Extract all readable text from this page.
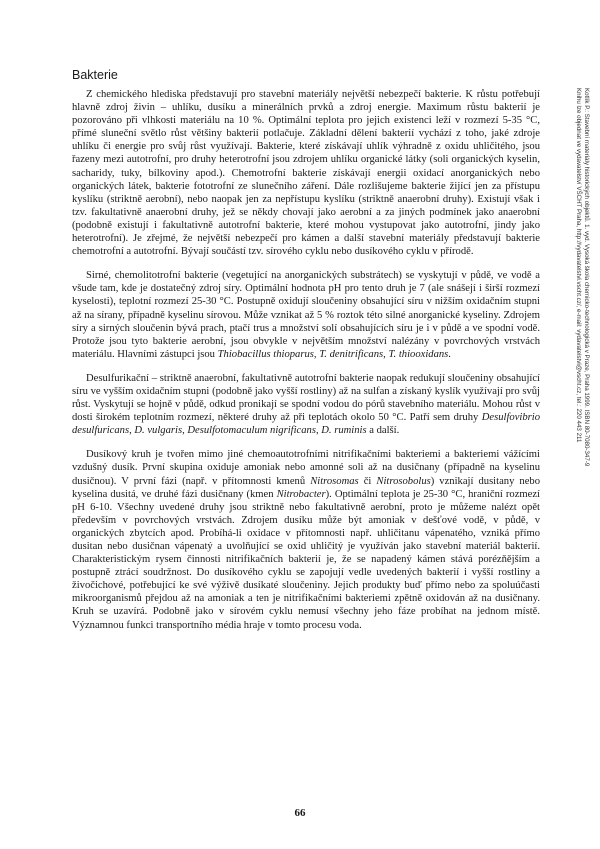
Bakterie

Z chemického hlediska představují pro stavební materiály největší nebezpečí bakterie. K růstu potřebují hlavně zdroj živin – uhlíku, dusíku a minerálních prvků a zdroj energie. Maximum růstu bakterií je pozorováno při vlhkosti materiálu na 10 %. Optimální teplota pro jejich existenci leží v rozmezí 5-35 °C, přímé sluneční světlo růst většiny bakterií potlačuje. Základní dělení bakterií vychází z toho, jaké zdroje uhlíku či energie pro svůj růst využívají. Bakterie, které získávají uhlík výhradně z oxidu uhličitého, jsou řazeny mezi autotrofní, pro druhy heterotrofní jsou zdrojem uhlíku organické látky (soli organických kyselin, sacharidy, tuky, bílkoviny apod.). Chemotrofní bakterie získávají energii oxidací anorganických nebo organických látek, bakterie fototrofní ze slunečního záření. Dále rozlišujeme bakterie žijící jen za přístupu kyslíku (striktně aerobní), nebo naopak jen za nepřístupu kyslíku (striktně anaerobní druhy). Existují však i tzv. fakultativně anaerobní druhy, jež se někdy chovají jako aerobní a za jiných podmínek jako anaerobní (podobně existují i fakultativně autotrofní bakterie, které mohou vystupovat jako autotrofní, jindy jako heterotrofní). Je zřejmé, že největší nebezpečí pro kámen a další stavební materiály představují bakterie chemotrofní a autotrofní. Bývají součástí tzv. sírového cyklu nebo dusíkového cyklu v přírodě.

Sirné, chemolitotrofní bakterie (vegetující na anorganických substrátech) se vyskytují v půdě, ve vodě a všude tam, kde je dostatečný zdroj síry. Optimální hodnota pH pro tento druh je 7 (ale snášejí i širší rozmezí kyselosti), teplotní rozmezí 25-30 °C. Postupně oxidují sloučeniny obsahující síru v nižším oxidačním stupni až na sírany, případně kyselinu sírovou. Může vznikat až 5 % roztok této silné anorganické kyseliny. Zdrojem síry a sirných sloučenin bývá prach, ptačí trus a množství solí obsahujících síru je i v půdě a ve spodní vodě. Protože jsou tyto bakterie aerobní, jsou obvykle v největším množství nalézány v povrchových vrstvách materiálu. Hlavními zástupci jsou Thiobacillus thioparus, T. denitrificans, T. thiooxidans.

Desulfurikační – striktně anaerobní, fakultativně autotrofní bakterie naopak redukují sloučeniny obsahující síru ve vyšším oxidačním stupni (podobně jako vyšší rostliny) až na sulfan a získaný kyslík využívají pro svůj růst. Vyskytují se hojně v půdě, odkud pronikají se spodní vodou do pórů stavebního materiálu. Mohou růst v dosti širokém teplotním rozmezí, některé druhy až při teplotách okolo 50 °C. Patří sem druhy Desulfovibrio desulfuricans, D. vulgaris, Desulfotomaculum nigrificans, D. ruminis a další.

Dusíkový kruh je tvořen mimo jiné chemoautotrofními nitrifikačními bakteriemi a bakteriemi vážícími vzdušný dusík. První skupina oxiduje amoniak nebo amonné soli až na dusičnany (případně na kyselinu dusičnou). V první fázi (např. v přítomnosti kmenů Nitrosomas či Nitrosobolus) vznikají dusitany nebo kyselina dusitá, ve druhé fázi dusičnany (kmen Nitrobacter). Optimální teplota je 25-30 °C, hraniční rozmezí pH 6-10. Všechny uvedené druhy jsou striktně nebo fakultativně aerobní, proto je můžeme nalézt opět především v povrchových vrstvách. Zdrojem dusíku může být amoniak v dešťové vodě, v půdě, v organických zbytcích apod. Probíhá-li oxidace v přítomnosti např. uhličitanu vápenatého, vzniká přímo dusitan nebo dusičnan vápenatý a uvolňující se oxid uhličitý je využíván jako stavební materiál bakterií. Charakteristickým rysem činnosti nitrifikačních bakterií je, že se napadený kámen stává porézňějším a postupně ztrácí soudržnost. Do dusíkového cyklu se zapojují vedle uvedených bakterií i vyšší rostliny a živočichové, potřebující ke své výživě dusíkaté sloučeniny. Jejich produkty buď přímo nebo za spoluúčasti mikroorganismů přejdou až na amoniak a ten je nitrifikačními bakteriemi zpětně oxidován až na dusičnany. Kruh se uzavírá. Podobně jako v sírovém cyklu nemusí všechny jeho fáze probíhat na jednom místě. Významnou funkci transportního média hraje v tomto procesu voda.

66
Kotlík P.: Stavební materiály historických objektů. 1. vyd. Vysoká škola chemicko-technologická v Praze, Praha 1999. ISBN 80-7080-347-9
Knihu lze objednat ve vydavatelství VŠCHT Praha, http://vydavatelstvi.vscht.cz/, e-mail: vydavatelstvi@vscht.cz, tel.: 220 443 211
